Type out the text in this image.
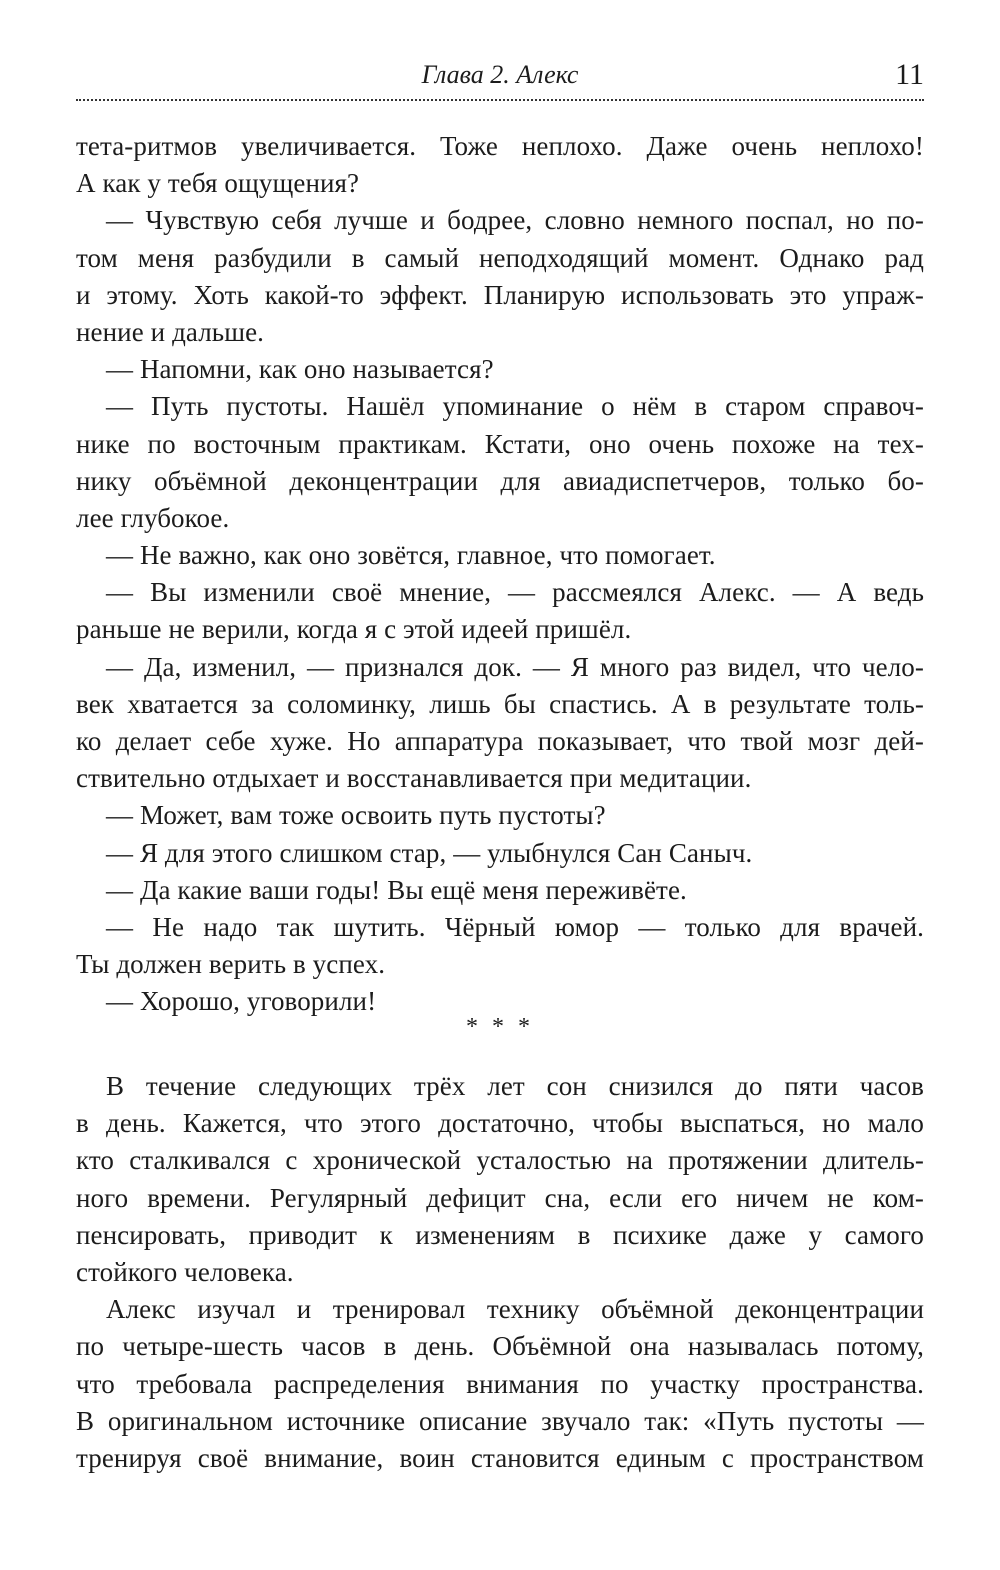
Глава 2. Алекс	11
тета-ритмов увеличивается. Тоже неплохо. Даже очень неплохо!
А как у тебя ощущения?
— Чувствую себя лучше и бодрее, словно немного поспал, но по-
том меня разбудили в самый неподходящий момент. Однако рад
и этому. Хоть какой-то эффект. Планирую использовать это упраж-
нение и дальше.
— Напомни, как оно называется?
— Путь пустоты. Нашёл упоминание о нём в старом справоч-
нике по восточным практикам. Кстати, оно очень похоже на тех-
нику объёмной деконцентрации для авиадиспетчеров, только бо-
лее глубокое.
— Не важно, как оно зовётся, главное, что помогает.
— Вы изменили своё мнение, — рассмеялся Алекс. — А ведь
раньше не верили, когда я с этой идеей пришёл.
— Да, изменил, — признался док. — Я много раз видел, что чело-
век хватается за соломинку, лишь бы спастись. А в результате толь-
ко делает себе хуже. Но аппаратура показывает, что твой мозг дей-
ствительно отдыхает и восстанавливается при медитации.
— Может, вам тоже освоить путь пустоты?
— Я для этого слишком стар, — улыбнулся Сан Саныч.
— Да какие ваши годы! Вы ещё меня переживёте.
— Не надо так шутить. Чёрный юмор — только для врачей.
Ты должен верить в успех.
— Хорошо, уговорили!
* * *
В течение следующих трёх лет сон снизился до пяти часов
в день. Кажется, что этого достаточно, чтобы выспаться, но мало
кто сталкивался с хронической усталостью на протяжении длитель-
ного времени. Регулярный дефицит сна, если его ничем не ком-
пенсировать, приводит к изменениям в психике даже у самого
стойкого человека.
Алекс изучал и тренировал технику объёмной деконцентрации
по четыре-шесть часов в день. Объёмной она называлась потому,
что требовала распределения внимания по участку пространства.
В оригинальном источнике описание звучало так: «Путь пустоты —
тренируя своё внимание, воин становится единым с пространством
